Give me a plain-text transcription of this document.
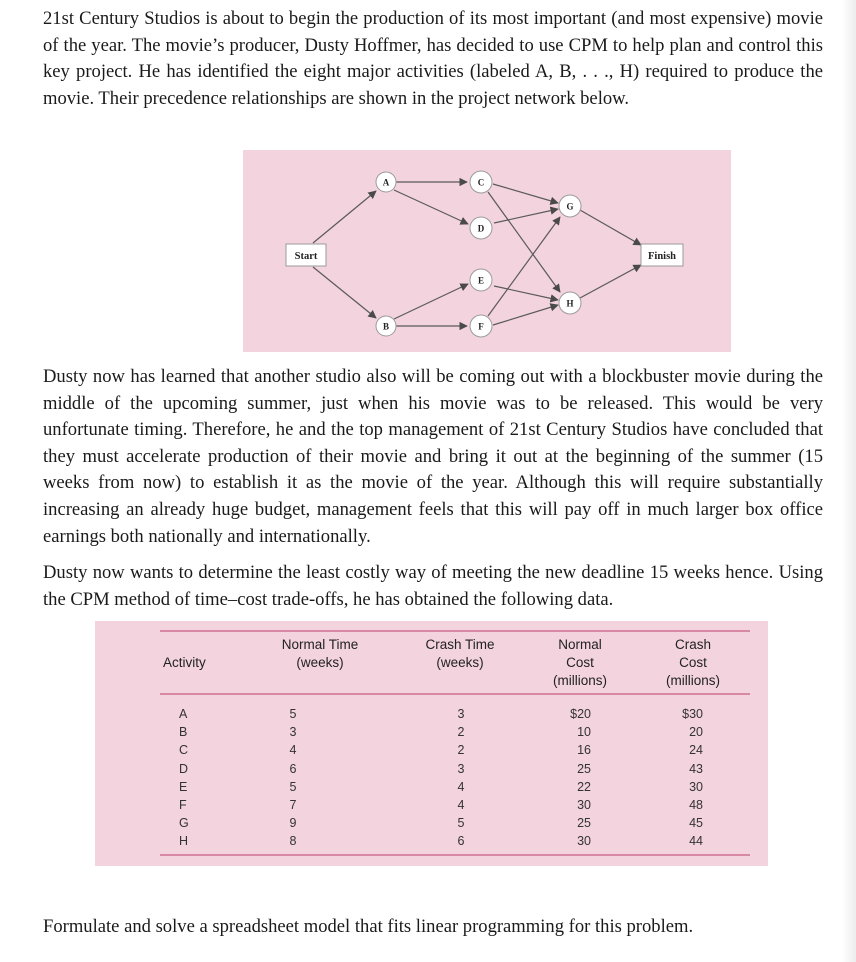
21st Century Studios is about to begin the production of its most important (and most expensive) movie of the year. The movie’s producer, Dusty Hoffmer, has decided to use CPM to help plan and control this key project. He has identified the eight major activities (labeled A, B, . . ., H) required to produce the movie. Their precedence relationships are shown in the project network below.

Start	Finish
A
B
C
D
E
F
G
H

Dusty now has learned that another studio also will be coming out with a blockbuster movie during the middle of the upcoming summer, just when his movie was to be released. This would be very unfortunate timing. Therefore, he and the top management of 21st Century Studios have concluded that they must accelerate production of their movie and bring it out at the beginning of the summer (15 weeks from now) to establish it as the movie of the year. Although this will require substantially increasing an already huge budget, management feels that this will pay off in much larger box office earnings both nationally and internationally.

Dusty now wants to determine the least costly way of meeting the new deadline 15 weeks hence. Using the CPM method of time–cost trade-offs, he has obtained the following data.

Activity
Normal Time
(weeks)
Crash Time
(weeks)
Normal
Cost
(millions)
Crash
Cost
(millions)
A
B
C
D
E
F
G
H
5
3
4
6
5
7
9
8
3
2
2
3
4
4
5
6
$20
10
16
25
22
30
25
30
$30
20
24
43
30
48
45
44

Formulate and solve a spreadsheet model that fits linear programming for this problem.
